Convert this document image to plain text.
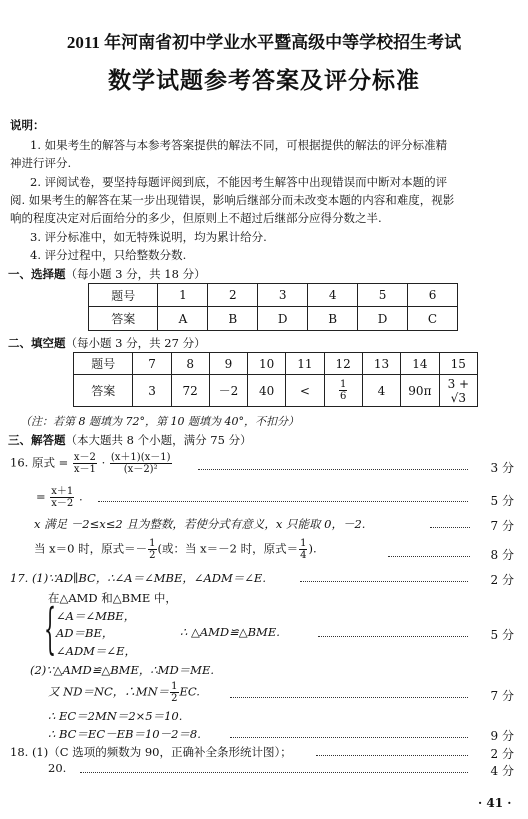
2011 年河南省初中学业水平暨高级中等学校招生考试
数学试题参考答案及评分标准
说明：
1. 如果考生的解答与本参考答案提供的解法不同，可根据提供的解法的评分标准精
神进行评分.
2. 评阅试卷，要坚持每题评阅到底，不能因考生解答中出现错误而中断对本题的评
阅. 如果考生的解答在某一步出现错误，影响后继部分而未改变本题的内容和难度，视影
响的程度决定对后面给分的多少，但原则上不超过后继部分应得分数之半.
3. 评分标准中，如无特殊说明，均为累计给分.
4. 评分过程中，只给整数分数.
一、选择题（每小题 3 分，共 18 分）
题号	1	2	3	4	5	6
答案	A	B	D	B	D	C
二、填空题（每小题 3 分，共 27 分）
题号	7	8	9	10	11	12	13	14	15
答案	3	72	－2	40	<	$\frac{1}{6}$	4	90π	3 + √3
（注：若第 8 题填为 72°，第 10 题填为 40°，不扣分）
三、解答题（本大题共 8 个小题，满分 75 分）
16. 原式 = $\frac{x-2}{x-1} \cdot \frac{(x+1)(x-1)}{\text{(x－2)²}}$	3 分
= $\frac{x+1}{x-2}$ .	5 分
x 满足 －2≤x≤2 且为整数，若使分式有意义，x 只能取 0，－2.	7 分
当 x＝0 时，原式＝－ $\frac{1}{2}$ (或：当 x＝－2 时，原式＝ $\frac{1}{4}$ ).	8 分
17. (1)∵AD∥BC，∴∠A＝∠MBE，∠ADM＝∠E.	2 分
在△AMD 和△BME 中，
{ ∠A＝∠MBE，
AD＝BE，
∠ADM＝∠E，
∴ △AMD≌△BME.	5 分
(2)∵△AMD≌△BME，∴MD＝ME.
又 ND＝NC，∴MN＝ $\frac{1}{2}$ EC.	7 分
∴ EC＝2MN＝2×5＝10.
∴ BC＝EC－EB＝10－2＝8.	9 分
18. (1)（C 选项的频数为 90，正确补全条形统计图）；	2 分
20.	4 分
· 41 ·
